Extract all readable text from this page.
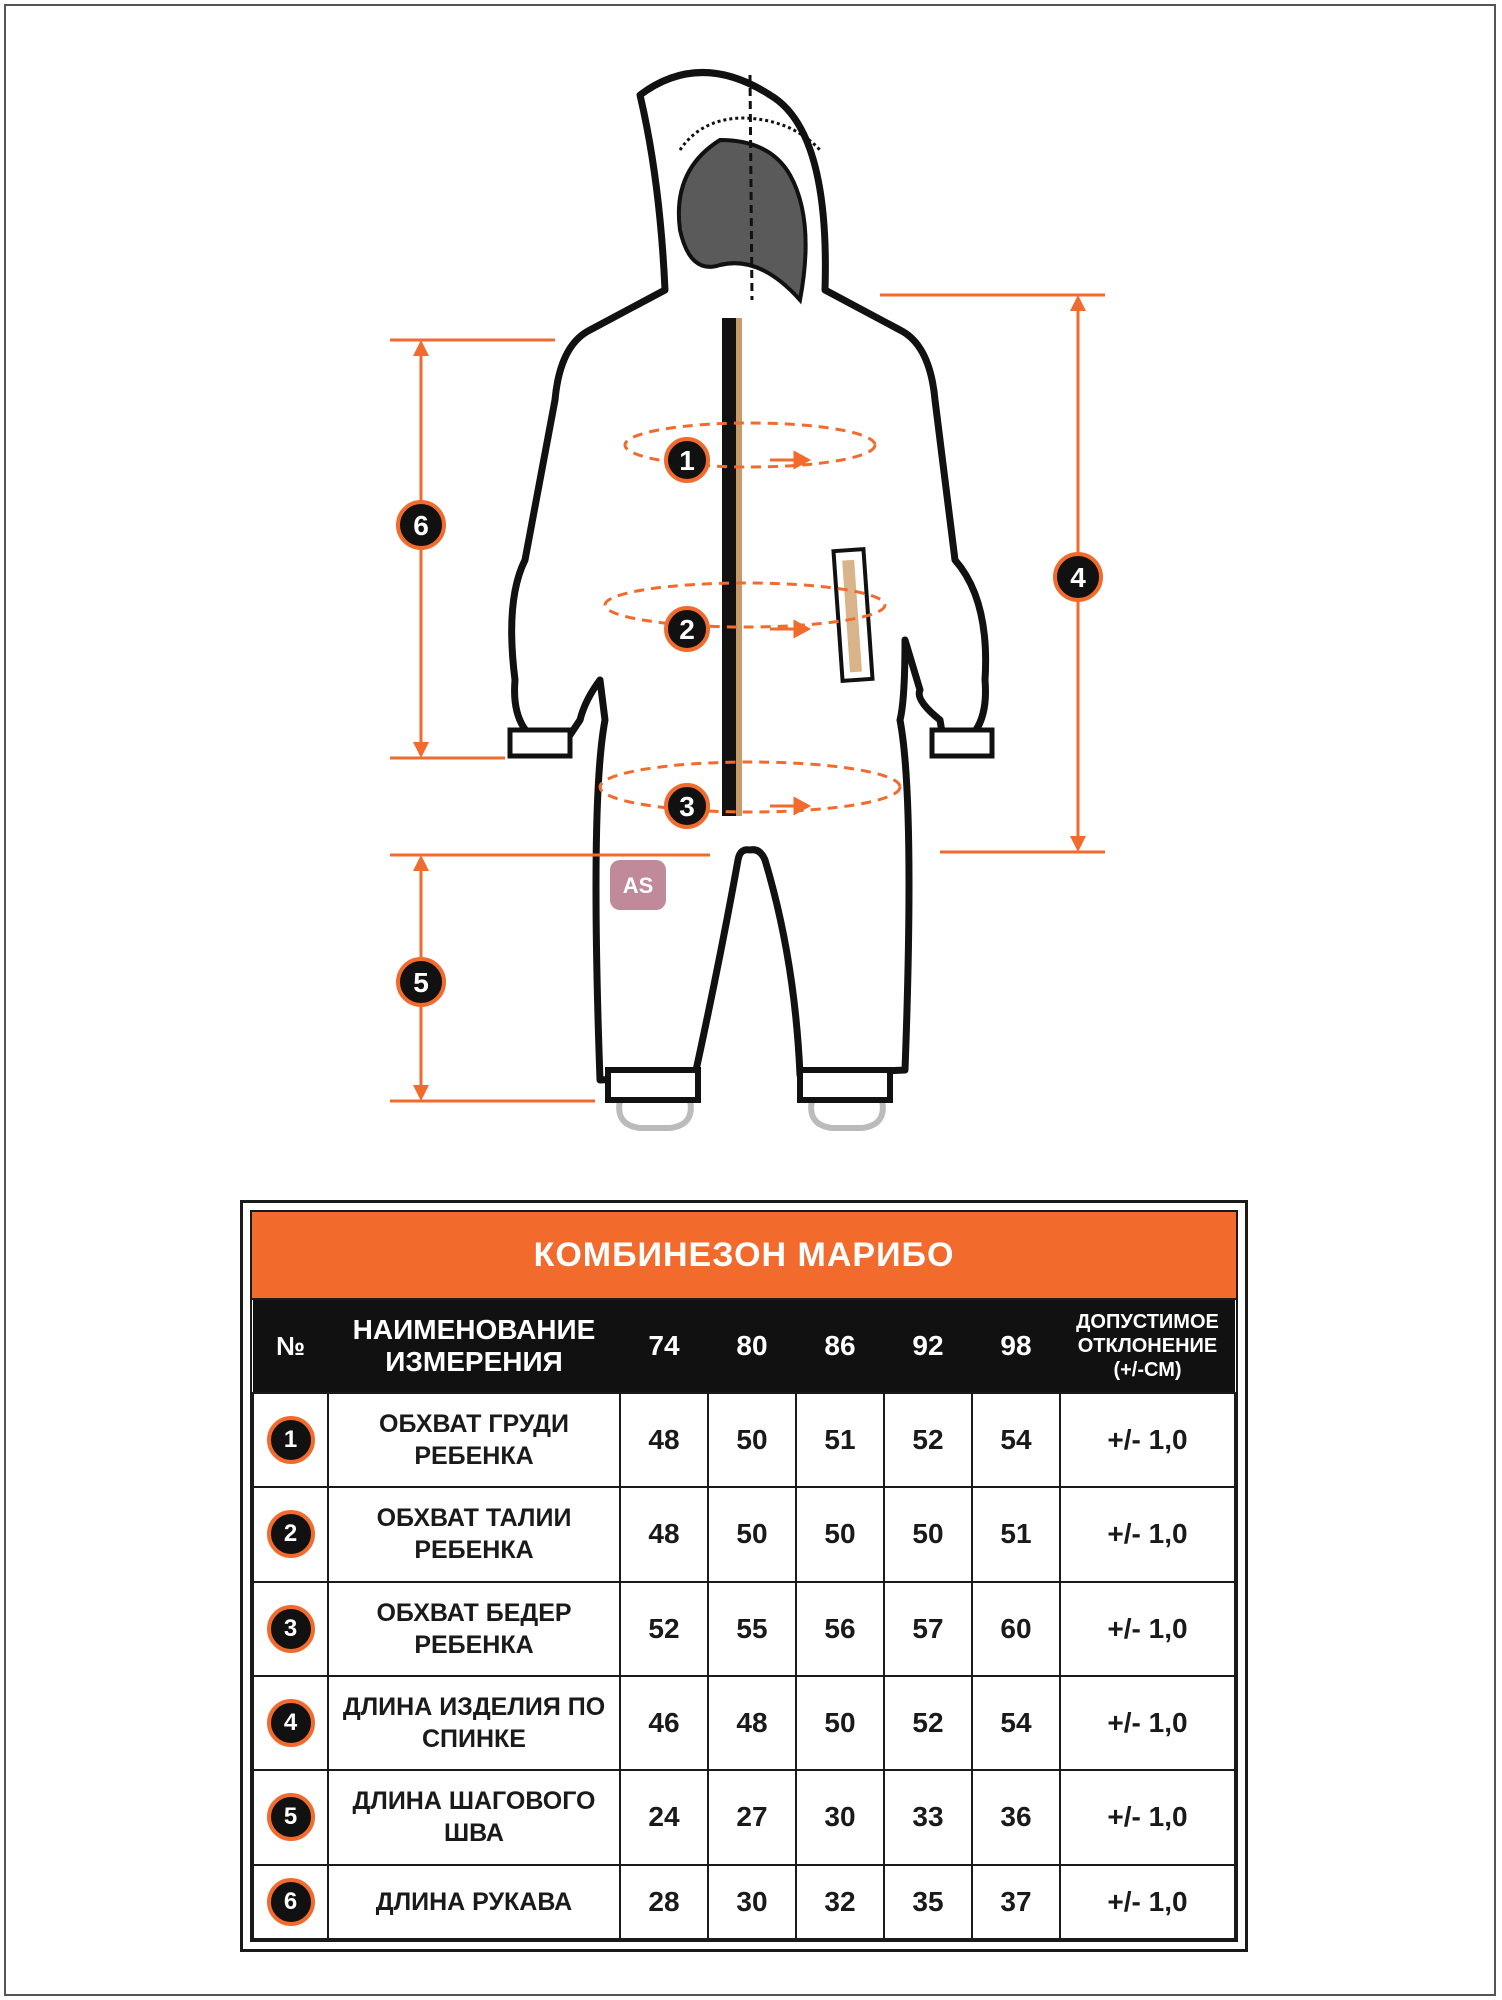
AS
1
2
3
4
5
6
КОМБИНЕЗОН МАРИБО
№	НАИМЕНОВАНИЕ ИЗМЕРЕНИЯ	74	80	86	92	98	ДОПУСТИМОЕ ОТКЛОНЕНИЕ (+/-СМ)
1	ОБХВАТ ГРУДИ РЕБЕНКА	48	50	51	52	54	+/- 1,0
2	ОБХВАТ ТАЛИИ РЕБЕНКА	48	50	50	50	51	+/- 1,0
3	ОБХВАТ БЕДЕР РЕБЕНКА	52	55	56	57	60	+/- 1,0
4	ДЛИНА ИЗДЕЛИЯ ПО СПИНКЕ	46	48	50	52	54	+/- 1,0
5	ДЛИНА ШАГОВОГО ШВА	24	27	30	33	36	+/- 1,0
6	ДЛИНА РУКАВА	28	30	32	35	37	+/- 1,0
